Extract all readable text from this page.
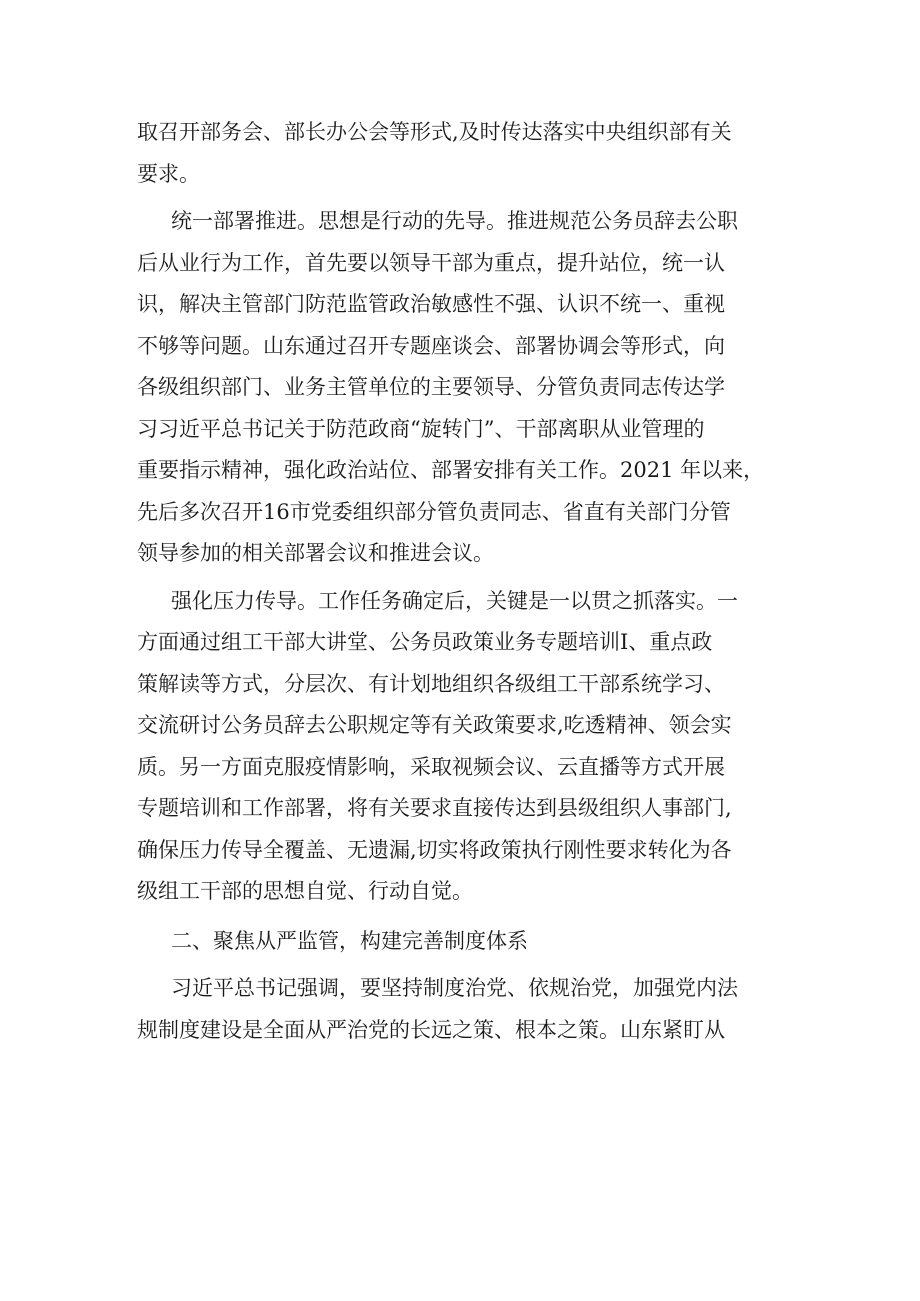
取召开部务会、部长办公会等形式,及时传达落实中央组织部有关
要求。
统一部署推进。思想是行动的先导。推进规范公务员辞去公职
后从业行为工作，首先要以领导干部为重点，提升站位，统一认
识，解决主管部门防范监管政治敏感性不强、认识不统一、重视
不够等问题。山东通过召开专题座谈会、部署协调会等形式，向
各级组织部门、业务主管单位的主要领导、分管负责同志传达学
习习近平总书记关于防范政商“旋转门”、干部离职从业管理的
重要指示精神，强化政治站位、部署安排有关工作。2021 年以来，
先后多次召开16市党委组织部分管负责同志、省直有关部门分管
领导参加的相关部署会议和推进会议。
强化压力传导。工作任务确定后，关键是一以贯之抓落实。一
方面通过组工干部大讲堂、公务员政策业务专题培训Ⅰ、重点政
策解读等方式，分层次、有计划地组织各级组工干部系统学习、
交流研讨公务员辞去公职规定等有关政策要求,吃透精神、领会实
质。另一方面克服疫情影响，采取视频会议、云直播等方式开展
专题培训和工作部署，将有关要求直接传达到县级组织人事部门,
确保压力传导全覆盖、无遗漏,切实将政策执行刚性要求转化为各
级组工干部的思想自觉、行动自觉。
二、聚焦从严监管，构建完善制度体系
习近平总书记强调，要坚持制度治党、依规治党，加强党内法
规制度建设是全面从严治党的长远之策、根本之策。山东紧盯从
